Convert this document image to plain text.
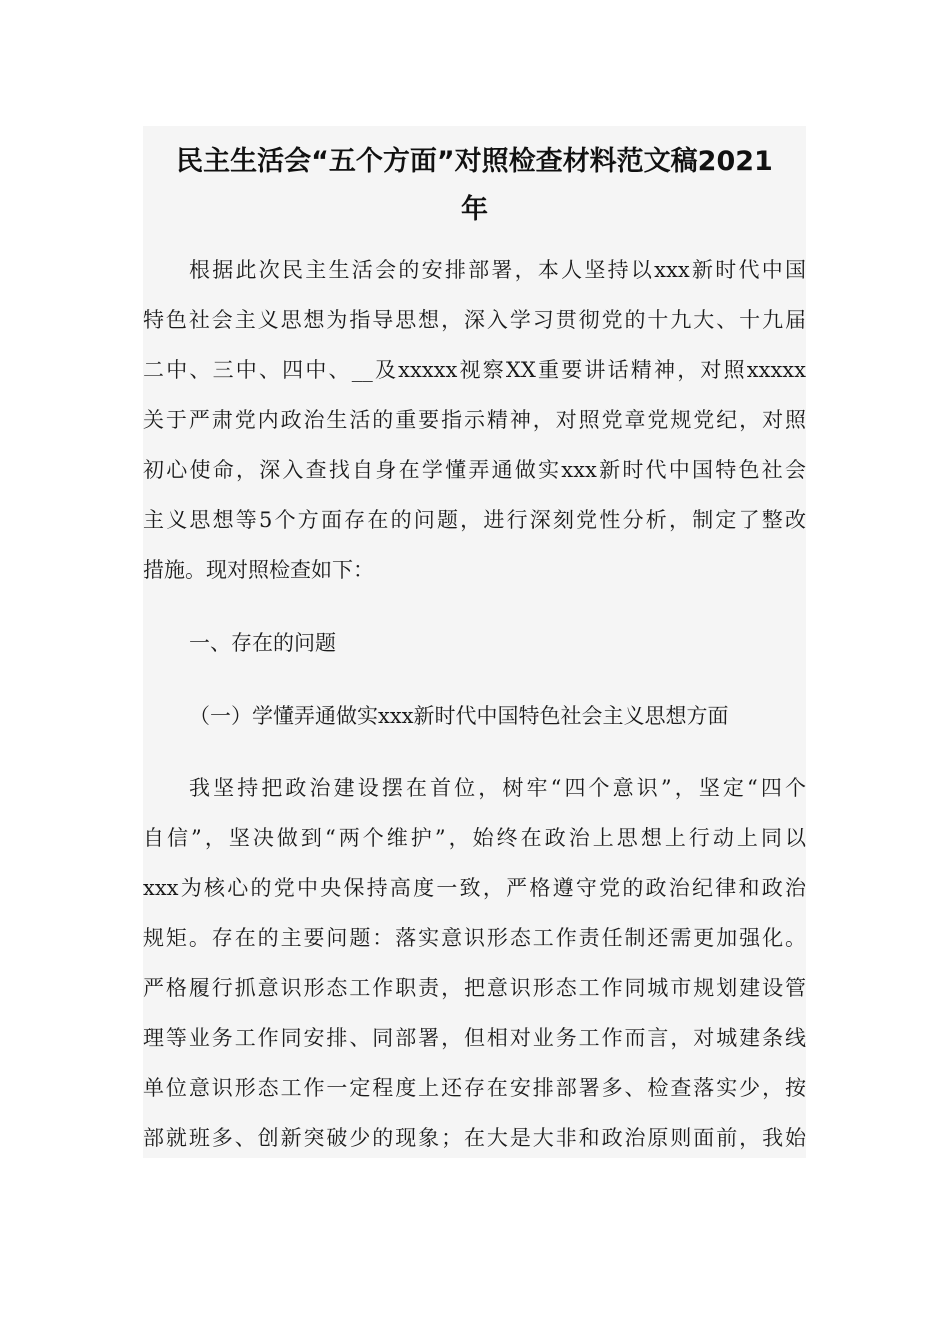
民主生活会“五个方面”对照检查材料范文稿2021
年
根据此次民主生活会的安排部署，本人坚持以xxx新时代中国
特色社会主义思想为指导思想，深入学习贯彻党的十九大、十九届
二中、三中、四中、__及xxxxx视察XX重要讲话精神，对照xxxxx
关于严肃党内政治生活的重要指示精神，对照党章党规党纪，对照
初心使命，深入查找自身在学懂弄通做实xxx新时代中国特色社会
主义思想等5个方面存在的问题，进行深刻党性分析，制定了整改
措施。现对照检查如下：
一、存在的问题
（一）学懂弄通做实xxx新时代中国特色社会主义思想方面
我坚持把政治建设摆在首位，树牢“四个意识”，坚定“四个
自信”，坚决做到“两个维护”，始终在政治上思想上行动上同以
xxx为核心的党中央保持高度一致，严格遵守党的政治纪律和政治
规矩。存在的主要问题：落实意识形态工作责任制还需更加强化。
严格履行抓意识形态工作职责，把意识形态工作同城市规划建设管
理等业务工作同安排、同部署，但相对业务工作而言，对城建条线
单位意识形态工作一定程度上还存在安排部署多、检查落实少，按
部就班多、创新突破少的现象；在大是大非和政治原则面前，我始
